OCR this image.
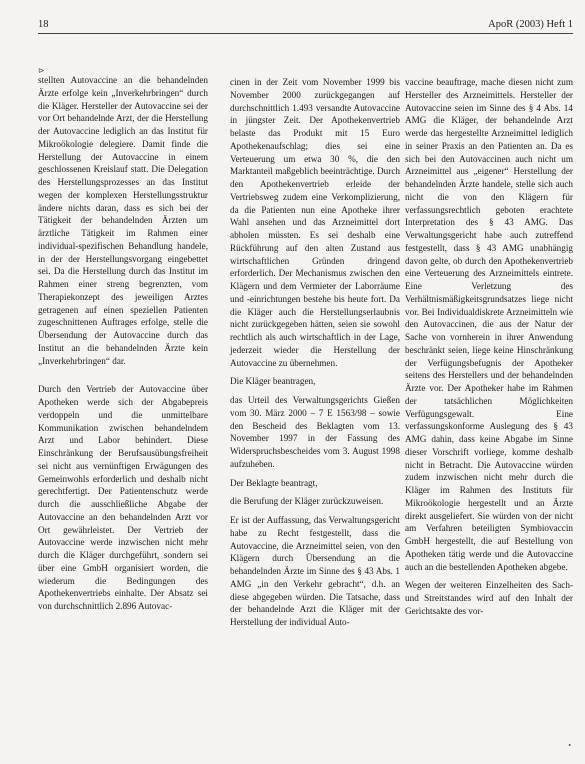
18	ApoR (2003) Heft 1
⊳

stellten Autovaccine an die behandelnden Ärzte erfolge kein „Inverkehrbringen“ durch die Kläger. Hersteller der Autovaccine sei der vor Ort behandelnde Arzt, der die Herstellung der Autovaccine lediglich an das Institut für Mikroökologie delegiere. Damit finde die Herstellung der Autovaccine in einem geschlossenen Kreislauf statt. Die Delegation des Herstellungsprozesses an das Institut wegen der komplexen Herstellungsstruktur ändere nichts daran, dass es sich bei der Tätigkeit der behandelnden Ärzten um ärztliche Tätigkeit im Rahmen einer individual-spezifischen Behandlung handele, in der der Herstellungsvorgang eingebettet sei. Da die Herstellung durch das Institut im Rahmen einer streng begrenzten, vom Therapiekonzept des jeweiligen Arztes getragenen auf einen speziellen Patienten zugeschnittenen Auftrages erfolge, stelle die Übersendung der Autovaccine durch das Institut an die behandelnden Ärzte kein „Inverkehrbringen“ dar.

Durch den Vertrieb der Autovaccine über Apotheken werde sich der Abgabepreis verdoppeln und die unmittelbare Kommunikation zwischen behandelndem Arzt und Labor behindert. Diese Einschränkung der Berufsausübungsfreiheit sei nicht aus vernünftigen Erwägungen des Gemeinwohls erforderlich und deshalb nicht gerechtfertigt. Der Patientenschutz werde durch die ausschließliche Abgabe der Autovaccine an den behandelnden Arzt vor Ort gewährleistet. Der Vertrieb der Autovaccine werde inzwischen nicht mehr durch die Kläger durchgeführt, sondern sei über eine GmbH organisiert worden, die wiederum die Bedingungen des Apothekenvertriebs einhalte. Der Absatz sei von durchschnittlich 2.896 Autovac-

cinen in der Zeit vom November 1999 bis November 2000 zurückgegangen auf durchschnittlich 1.493 versandte Autovaccine in jüngster Zeit. Der Apothekenvertrieb belaste das Produkt mit 15 Euro Apothekenaufschlag; dies sei eine Verteuerung um etwa 30 %, die den Marktanteil maßgeblich beeinträchtige. Durch den Apothekenvertrieb erleide der Vertriebsweg zudem eine Verkomplizierung, da die Patienten nun eine Apotheke ihrer Wahl ansehen und das Arzneimittel dort abholen müssten. Es sei deshalb eine Rückführung auf den alten Zustand aus wirtschaftlichen Gründen dringend erforderlich. Der Mechanismus zwischen den Klägern und dem Vermieter der Laborräume und -einrichtungen bestehe bis heute fort. Da die Kläger auch die Herstellungserlaubnis nicht zurückgegeben hätten, seien sie sowohl rechtlich als auch wirtschaftlich in der Lage, jederzeit wieder die Herstellung der Autovaccine zu übernehmen.

Die Kläger beantragen,

das Urteil des Verwaltungsgerichts Gießen vom 30. März 2000 – 7 E 1563/98 – sowie den Bescheid des Beklagten vom 13. November 1997 in der Fassung des Widerspruchsbescheides vom 3. August 1998 aufzuheben.

Der Beklagte beantragt,

die Berufung der Kläger zurückzuweisen.

Er ist der Auffassung, das Verwaltungsgericht habe zu Recht festgestellt, dass die Autovaccine, die Arzneimittel seien, von den Klägern durch Übersendung an die behandelnden Ärzte im Sinne des § 43 Abs. 1 AMG „in den Verkehr gebracht“, d.h. an diese abgegeben würden. Die Tatsache, dass der behandelnde Arzt die Kläger mit der Herstellung der individual Auto-

vaccine beauftrage, mache diesen nicht zum Hersteller des Arzneimittels. Hersteller der Autovaccine seien im Sinne des § 4 Abs. 14 AMG die Kläger, der behandelnde Arzt werde das hergestellte Arzneimittel lediglich in seiner Praxis an den Patienten an. Da es sich bei den Autovaccinen auch nicht um Arzneimittel aus „eigener“ Herstellung der behandelnden Ärzte handele, stelle sich auch nicht die von den Klägern für verfassungsrechtlich geboten erachtete Interpretation des § 43 AMG. Das Verwaltungsgericht habe auch zutreffend festgestellt, dass § 43 AMG unabhängig davon gelte, ob durch den Apothekenvertrieb eine Verteuerung des Arzneimittels eintrete. Eine Verletzung des Verhältnismäßigkeitsgrundsatzes liege nicht vor. Bei Individualdiskrete Arzneimitteln wie den Autovaccinen, die aus der Natur der Sache von vornherein in ihrer Anwendung beschränkt seien, liege keine Hinschränkung der Verfügungsbefugnis der Apotheker seitens des Herstellers und der behandelnden Ärzte vor. Der Apotheker habe im Rahmen der tatsächlichen Möglichkeiten Verfügungsgewalt. Eine verfassungskonforme Auslegung des § 43 AMG dahin, dass keine Abgabe im Sinne dieser Vorschrift vorliege, komme deshalb nicht in Betracht. Die Autovaccine würden zudem inzwischen nicht mehr durch die Kläger im Rahmen des Instituts für Mikroökologie hergestellt und an Ärzte direkt ausgeliefert. Sie würden von der nicht am Verfahren beteiligten Symbiovaccin GmbH hergestellt, die auf Bestellung von Apotheken tätig werde und die Autovaccine auch an die bestellenden Apotheken abgebe.

Wegen der weiteren Einzelheiten des Sach- und Streitstandes wird auf den Inhalt der Gerichtsakte des vor-

•
